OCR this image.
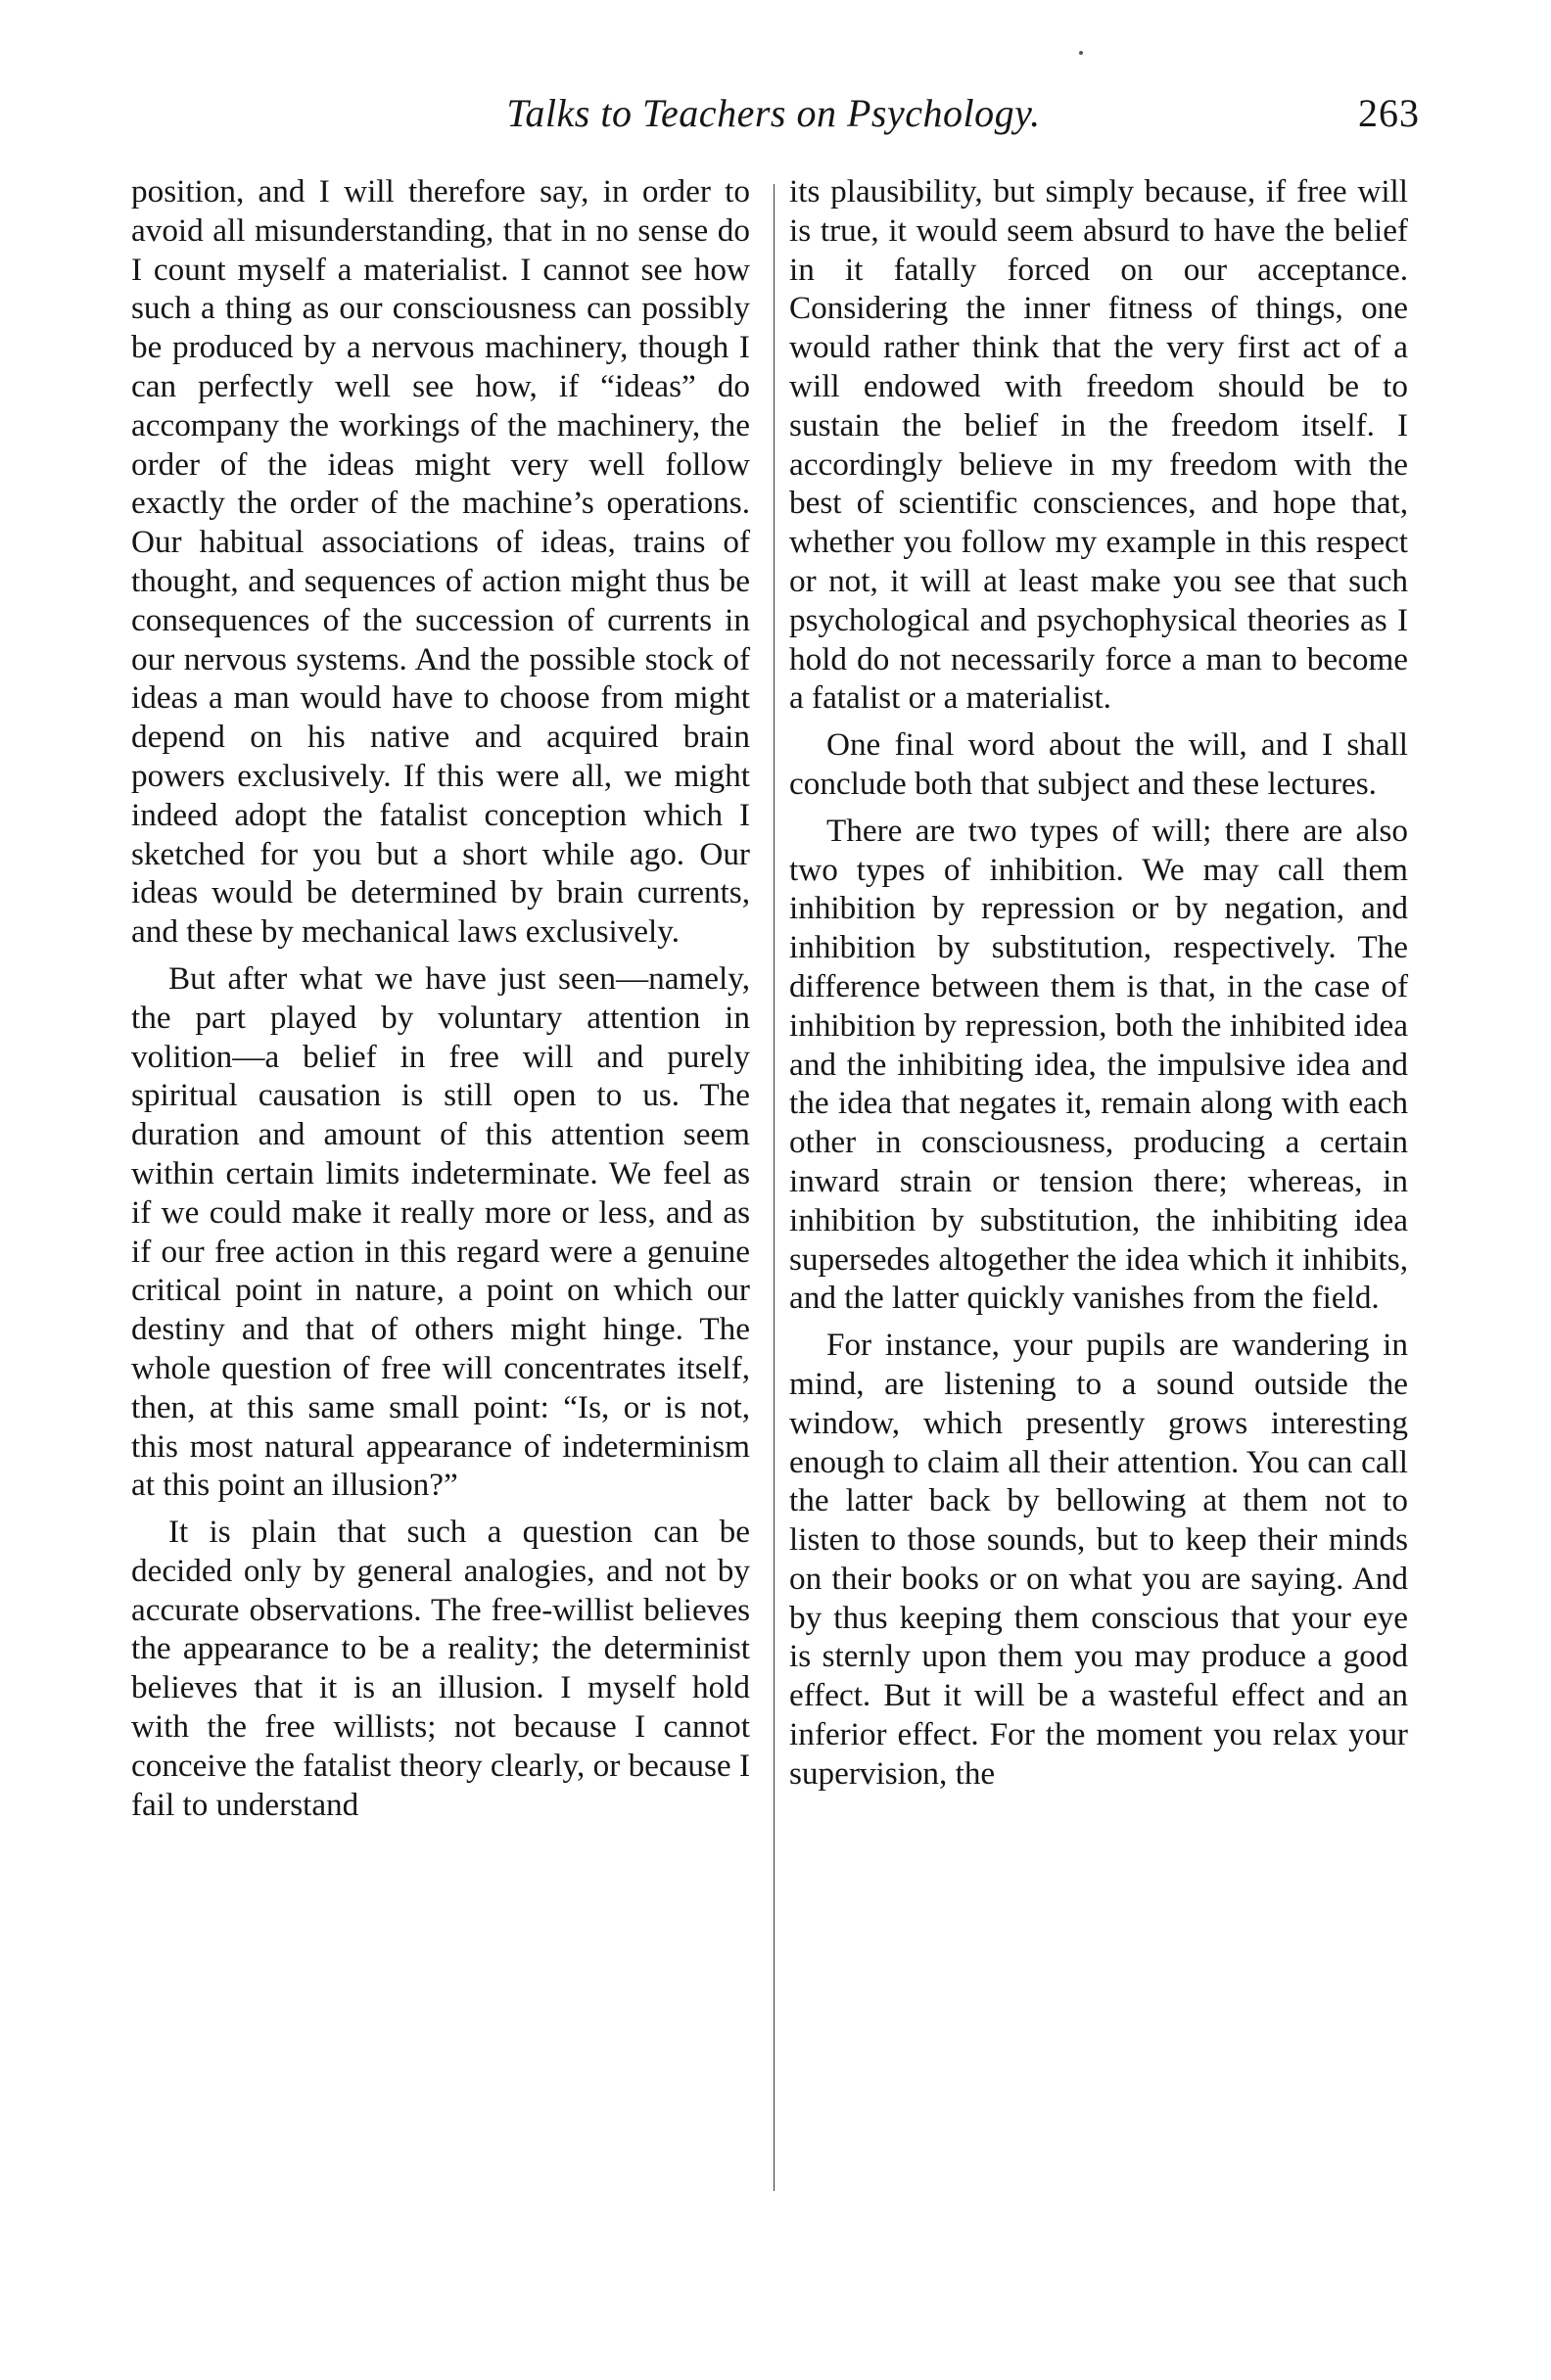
Talks to Teachers on Psychology.	263

position, and I will therefore say, in order to avoid all misunderstanding, that in no sense do I count myself a materialist. I cannot see how such a thing as our consciousness can possibly be produced by a nervous machinery, though I can perfectly well see how, if “ideas” do accompany the workings of the machinery, the order of the ideas might very well follow exactly the order of the machine’s operations. Our habitual associations of ideas, trains of thought, and sequences of action might thus be consequences of the succession of currents in our nervous systems. And the possible stock of ideas a man would have to choose from might depend on his native and acquired brain powers exclusively. If this were all, we might indeed adopt the fatalist conception which I sketched for you but a short while ago. Our ideas would be determined by brain currents, and these by mechanical laws exclusively.

But after what we have just seen—namely, the part played by voluntary attention in volition—a belief in free will and purely spiritual causation is still open to us. The duration and amount of this attention seem within certain limits indeterminate. We feel as if we could make it really more or less, and as if our free action in this regard were a genuine critical point in nature, a point on which our destiny and that of others might hinge. The whole question of free will concentrates itself, then, at this same small point: “Is, or is not, this most natural appearance of indeterminism at this point an illusion?”

It is plain that such a question can be decided only by general analogies, and not by accurate observations. The free-willist believes the appearance to be a reality; the determinist believes that it is an illusion. I myself hold with the free willists; not because I cannot conceive the fatalist theory clearly, or because I fail to understand

its plausibility, but simply because, if free will is true, it would seem absurd to have the belief in it fatally forced on our acceptance. Considering the inner fitness of things, one would rather think that the very first act of a will endowed with freedom should be to sustain the belief in the freedom itself. I accordingly believe in my freedom with the best of scientific consciences, and hope that, whether you follow my example in this respect or not, it will at least make you see that such psychological and psychophysical theories as I hold do not necessarily force a man to become a fatalist or a materialist.

One final word about the will, and I shall conclude both that subject and these lectures.

There are two types of will; there are also two types of inhibition. We may call them inhibition by repression or by negation, and inhibition by substitution, respectively. The difference between them is that, in the case of inhibition by repression, both the inhibited idea and the inhibiting idea, the impulsive idea and the idea that negates it, remain along with each other in consciousness, producing a certain inward strain or tension there; whereas, in inhibition by substitution, the inhibiting idea supersedes altogether the idea which it inhibits, and the latter quickly vanishes from the field.

For instance, your pupils are wandering in mind, are listening to a sound outside the window, which presently grows interesting enough to claim all their attention. You can call the latter back by bellowing at them not to listen to those sounds, but to keep their minds on their books or on what you are saying. And by thus keeping them conscious that your eye is sternly upon them you may produce a good effect. But it will be a wasteful effect and an inferior effect. For the moment you relax your supervision, the
